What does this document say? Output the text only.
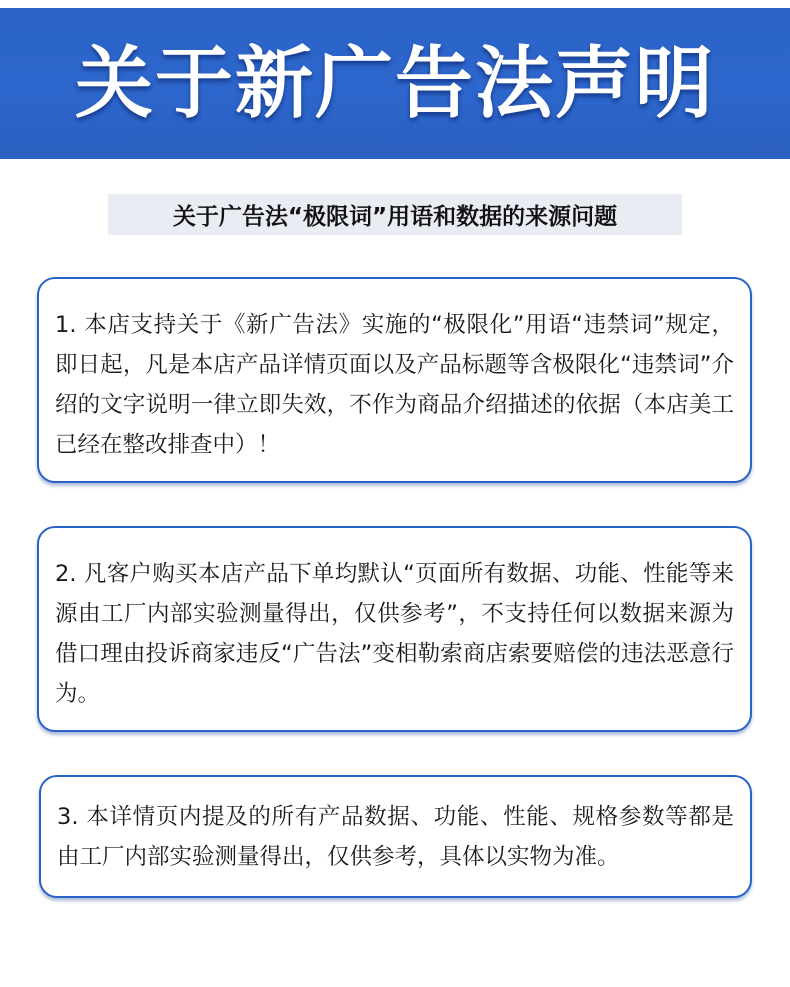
关于新广告法声明
关于广告法“极限词”用语和数据的来源问题

1. 本店支持关于《新广告法》实施的“极限化”用语“违禁词”规定，即日起，凡是本店产品详情页面以及产品标题等含极限化“违禁词”介绍的文字说明一律立即失效，不作为商品介绍描述的依据（本店美工已经在整改排查中）！

2. 凡客户购买本店产品下单均默认“页面所有数据、功能、性能等来源由工厂内部实验测量得出，仅供参考”，不支持任何以数据来源为借口理由投诉商家违反“广告法”变相勒索商店索要赔偿的违法恶意行为。

3. 本详情页内提及的所有产品数据、功能、性能、规格参数等都是由工厂内部实验测量得出，仅供参考，具体以实物为准。
